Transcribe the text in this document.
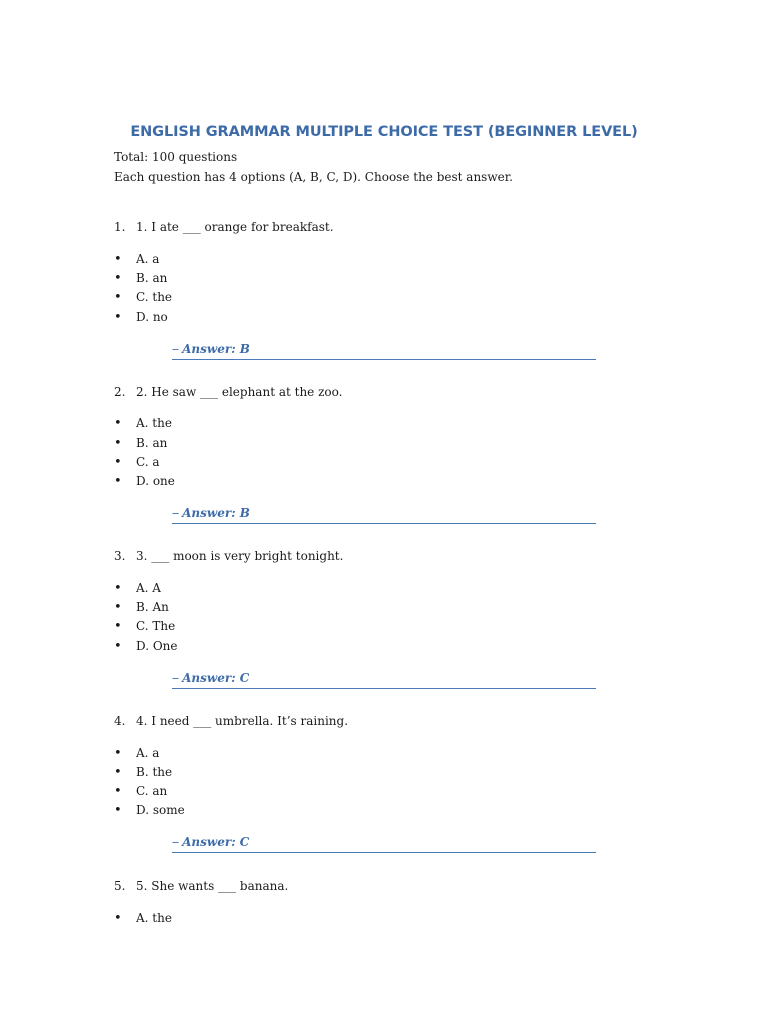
ENGLISH GRAMMAR MULTIPLE CHOICE TEST (BEGINNER LEVEL)
Total: 100 questions
Each question has 4 options (A, B, C, D). Choose the best answer.
1. 1. I ate ___ orange for breakfast.
• A. a
• B. an
• C. the
• D. no
-- Answer: B
2. 2. He saw ___ elephant at the zoo.
• A. the
• B. an
• C. a
• D. one
-- Answer: B
3. 3. ___ moon is very bright tonight.
• A. A
• B. An
• C. The
• D. One
-- Answer: C
4. 4. I need ___ umbrella. It’s raining.
• A. a
• B. the
• C. an
• D. some
-- Answer: C
5. 5. She wants ___ banana.
• A. the
